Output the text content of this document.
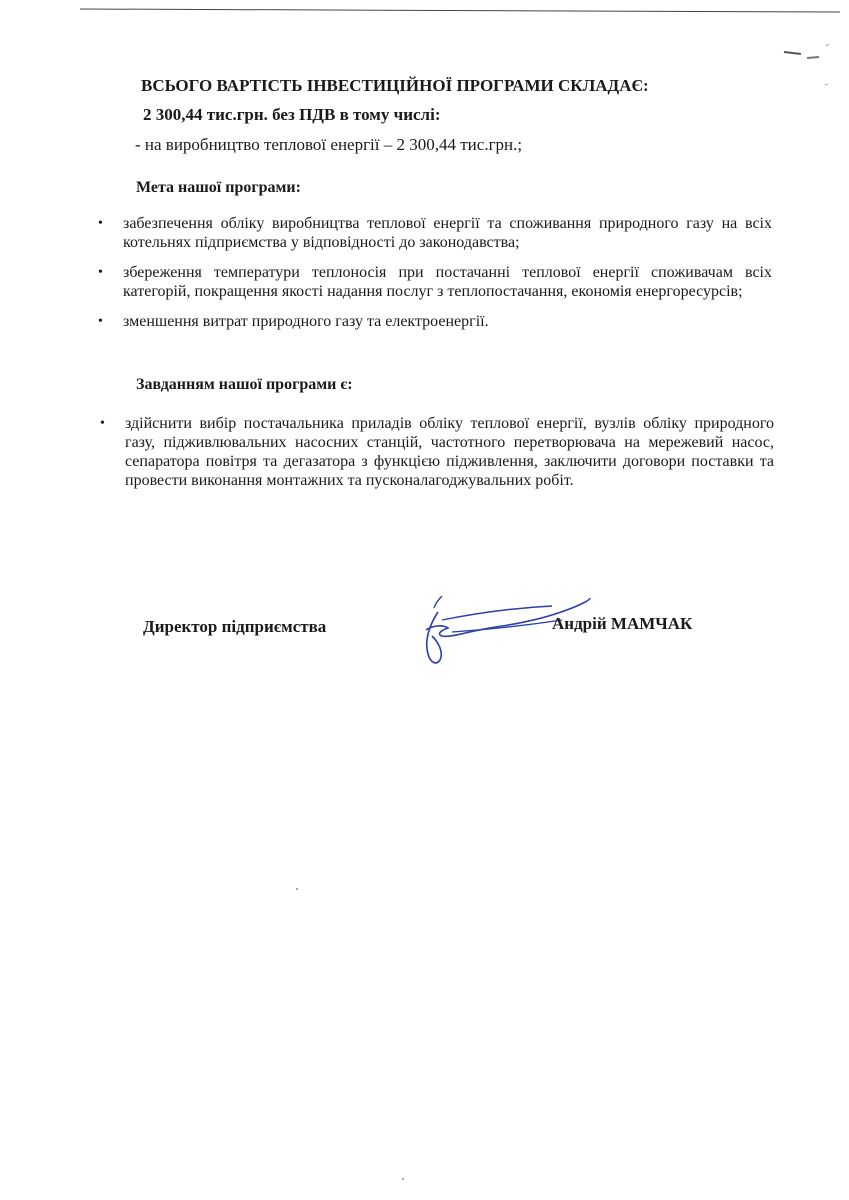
ВСЬОГО ВАРТІСТЬ ІНВЕСТИЦІЙНОЇ ПРОГРАМИ СКЛАДАЄ:
2 300,44 тис.грн. без ПДВ в тому числі:
- на виробництво теплової енергії – 2 300,44 тис.грн.;
Мета нашої програми:
• забезпечення обліку виробництва теплової енергії та споживання природного газу на всіх котельнях підприємства у відповідності до законодавства;
• збереження температури теплоносія при постачанні теплової енергії споживачам всіх категорій, покращення якості надання послуг з теплопостачання, економія енергоресурсів;
• зменшення витрат природного газу та електроенергії.
Завданням нашої програми є:
• здійснити вибір постачальника приладів обліку теплової енергії, вузлів обліку природного газу, підживлювальних насосних станцій, частотного перетворювача на мережевий насос, сепаратора повітря та дегазатора з функцією підживлення, заключити договори поставки та провести виконання монтажних та пусконалагоджувальних робіт.
Директор підприємства	Андрій МАМЧАК
